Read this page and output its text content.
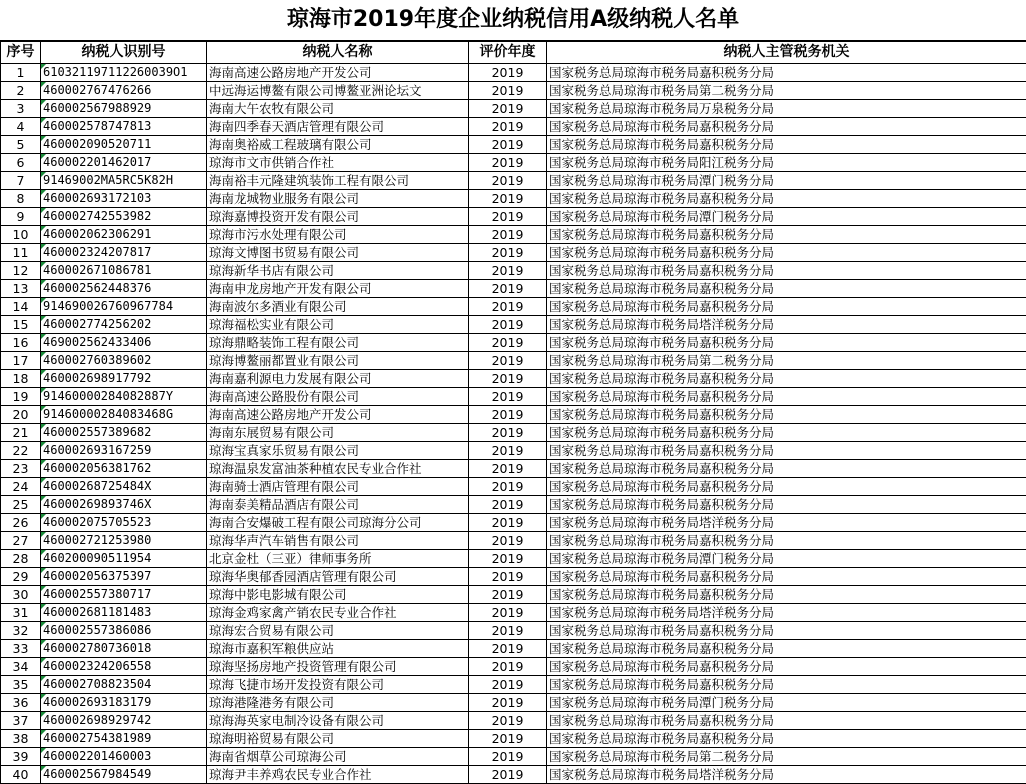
琼海市2019年度企业纳税信用A级纳税人名单
序号	纳税人识别号	纳税人名称	评价年度	纳税人主管税务机关
1	610321197112260039O1	海南高速公路房地产开发公司	2019	国家税务总局琼海市税务局嘉积税务分局
2	460002767476266	中远海运博鳌有限公司博鳌亚洲论坛文	2019	国家税务总局琼海市税务局第二税务分局
3	460002567988929	海南大午农牧有限公司	2019	国家税务总局琼海市税务局万泉税务分局
4	460002578747813	海南四季春天酒店管理有限公司	2019	国家税务总局琼海市税务局嘉积税务分局
5	460002090520711	海南奥裕威工程玻璃有限公司	2019	国家税务总局琼海市税务局嘉积税务分局
6	460002201462017	琼海市文市供销合作社	2019	国家税务总局琼海市税务局阳江税务分局
7	91469002MA5RC5K82H	海南裕丰元隆建筑装饰工程有限公司	2019	国家税务总局琼海市税务局潭门税务分局
8	460002693172103	海南龙城物业服务有限公司	2019	国家税务总局琼海市税务局嘉积税务分局
9	460002742553982	琼海嘉博投资开发有限公司	2019	国家税务总局琼海市税务局潭门税务分局
10	460002062306291	琼海市污水处理有限公司	2019	国家税务总局琼海市税务局嘉积税务分局
11	460002324207817	琼海文博图书贸易有限公司	2019	国家税务总局琼海市税务局嘉积税务分局
12	460002671086781	琼海新华书店有限公司	2019	国家税务总局琼海市税务局嘉积税务分局
13	460002562448376	海南申龙房地产开发有限公司	2019	国家税务总局琼海市税务局嘉积税务分局
14	914690026760967784	海南波尔多酒业有限公司	2019	国家税务总局琼海市税务局嘉积税务分局
15	460002774256202	琼海福松实业有限公司	2019	国家税务总局琼海市税务局塔洋税务分局
16	469002562433406	琼海鼎略装饰工程有限公司	2019	国家税务总局琼海市税务局嘉积税务分局
17	460002760389602	琼海博鳌丽都置业有限公司	2019	国家税务总局琼海市税务局第二税务分局
18	460002698917792	海南嘉利源电力发展有限公司	2019	国家税务总局琼海市税务局嘉积税务分局
19	91460000284082887Y	海南高速公路股份有限公司	2019	国家税务总局琼海市税务局嘉积税务分局
20	91460000284083468G	海南高速公路房地产开发公司	2019	国家税务总局琼海市税务局嘉积税务分局
21	460002557389682	海南东展贸易有限公司	2019	国家税务总局琼海市税务局嘉积税务分局
22	460002693167259	琼海宝真家乐贸易有限公司	2019	国家税务总局琼海市税务局嘉积税务分局
23	460002056381762	琼海温泉发富油茶种植农民专业合作社	2019	国家税务总局琼海市税务局嘉积税务分局
24	46000268725484X	海南骑士酒店管理有限公司	2019	国家税务总局琼海市税务局嘉积税务分局
25	46000269893746X	海南泰美精品酒店有限公司	2019	国家税务总局琼海市税务局嘉积税务分局
26	460002075705523	海南合安爆破工程有限公司琼海分公司	2019	国家税务总局琼海市税务局塔洋税务分局
27	460002721253980	琼海华声汽车销售有限公司	2019	国家税务总局琼海市税务局嘉积税务分局
28	460200090511954	北京金杜（三亚）律师事务所	2019	国家税务总局琼海市税务局潭门税务分局
29	460002056375397	琼海华奥郁香园酒店管理有限公司	2019	国家税务总局琼海市税务局嘉积税务分局
30	460002557380717	琼海中影电影城有限公司	2019	国家税务总局琼海市税务局嘉积税务分局
31	460002681181483	琼海金鸡家禽产销农民专业合作社	2019	国家税务总局琼海市税务局塔洋税务分局
32	460002557386086	琼海宏合贸易有限公司	2019	国家税务总局琼海市税务局嘉积税务分局
33	460002780736018	琼海市嘉积军粮供应站	2019	国家税务总局琼海市税务局嘉积税务分局
34	460002324206558	琼海坚扬房地产投资管理有限公司	2019	国家税务总局琼海市税务局嘉积税务分局
35	460002708823504	琼海飞捷市场开发投资有限公司	2019	国家税务总局琼海市税务局嘉积税务分局
36	460002693183179	琼海港隆港务有限公司	2019	国家税务总局琼海市税务局潭门税务分局
37	460002698929742	琼海海英家电制冷设备有限公司	2019	国家税务总局琼海市税务局嘉积税务分局
38	460002754381989	琼海明裕贸易有限公司	2019	国家税务总局琼海市税务局嘉积税务分局
39	460002201460003	海南省烟草公司琼海公司	2019	国家税务总局琼海市税务局第二税务分局
40	460002567984549	琼海尹丰养鸡农民专业合作社	2019	国家税务总局琼海市税务局塔洋税务分局
